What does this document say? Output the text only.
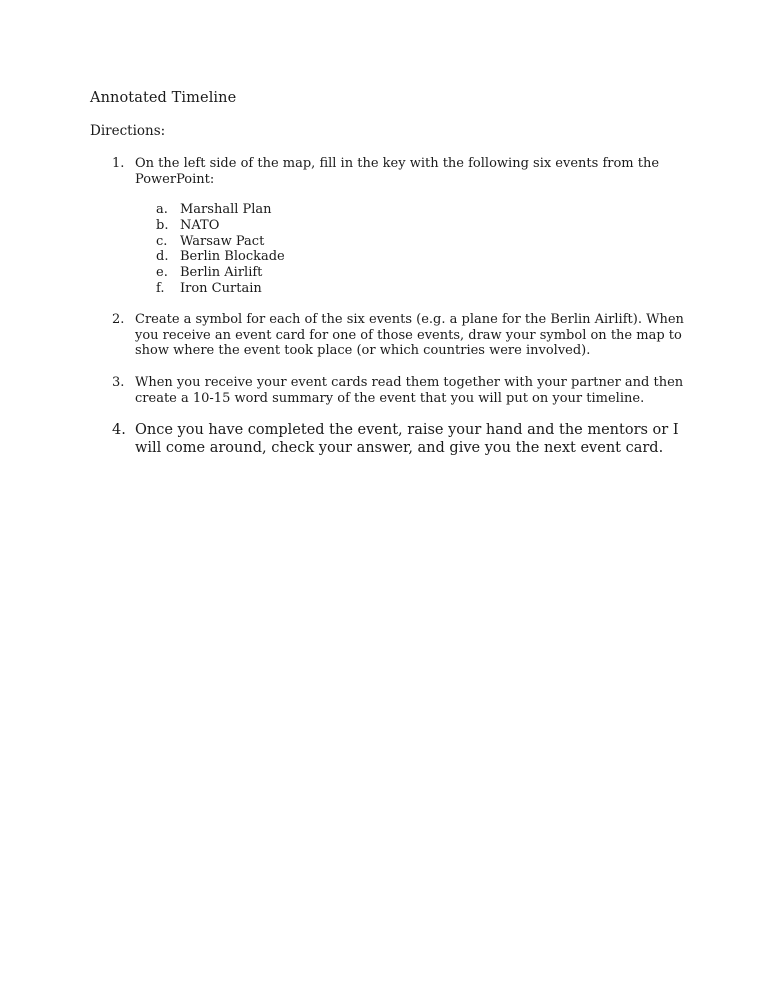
Annotated Timeline

Directions:

1. On the left side of the map, fill in the key with the following six events from the PowerPoint:
a. Marshall Plan
b. NATO
c. Warsaw Pact
d. Berlin Blockade
e. Berlin Airlift
f.	Iron Curtain
2. Create a symbol for each of the six events (e.g. a plane for the Berlin Airlift). When you receive an event card for one of those events, draw your symbol on the map to show where the event took place (or which countries were involved).
3. When you receive your event cards read them together with your partner and then create a 10-15 word summary of the event that you will put on your timeline.
4. Once you have completed the event, raise your hand and the mentors or I will come around, check your answer, and give you the next event card.
